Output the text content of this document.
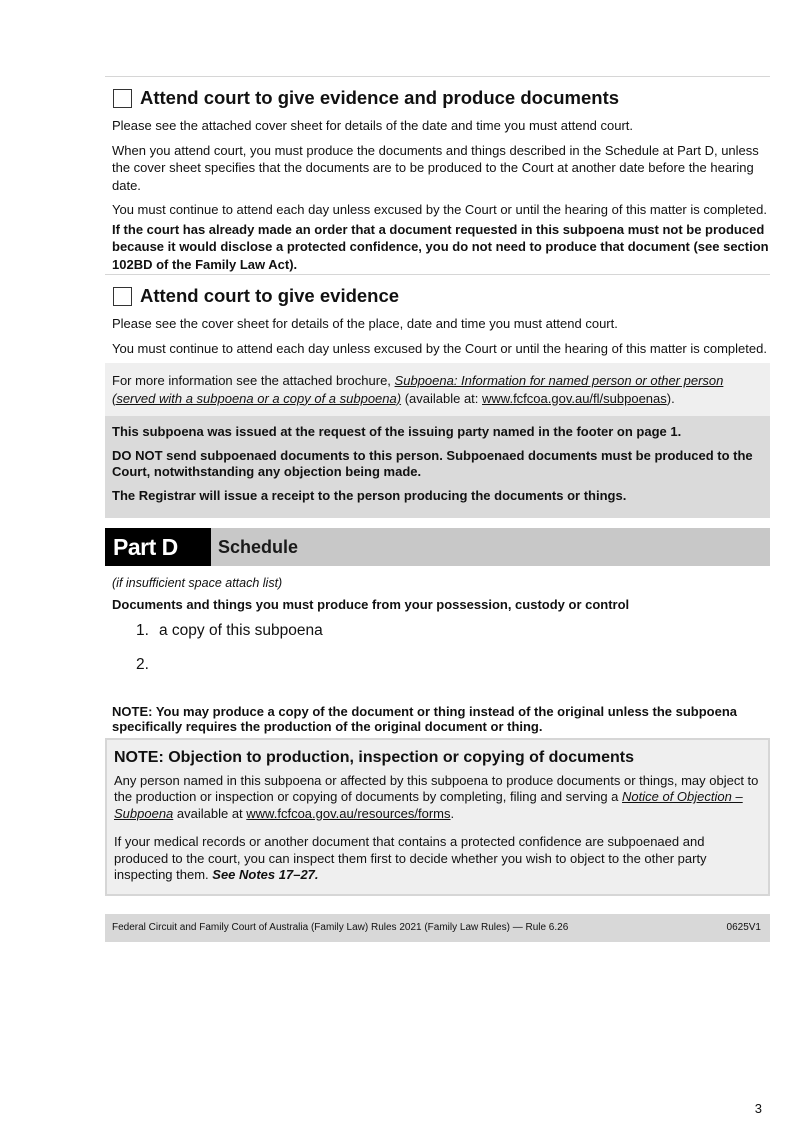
Attend court to give evidence and produce documents

Please see the attached cover sheet for details of the date and time you must attend court.

When you attend court, you must produce the documents and things described in the Schedule at Part D, unless the cover sheet specifies that the documents are to be produced to the Court at another date before the hearing date.

You must continue to attend each day unless excused by the Court or until the hearing of this matter is completed.

If the court has already made an order that a document requested in this subpoena must not be produced because it would disclose a protected confidence, you do not need to produce that document (see section 102BD of the Family Law Act).

Attend court to give evidence

Please see the cover sheet for details of the place, date and time you must attend court.

You must continue to attend each day unless excused by the Court or until the hearing of this matter is completed.

For more information see the attached brochure, Subpoena: Information for named person or other person (served with a subpoena or a copy of a subpoena) (available at: www.fcfcoa.gov.au/fl/subpoenas).

This subpoena was issued at the request of the issuing party named in the footer on page 1.

DO NOT send subpoenaed documents to this person. Subpoenaed documents must be produced to the Court, notwithstanding any objection being made.

The Registrar will issue a receipt to the person producing the documents or things.

Part D	Schedule

(if insufficient space attach list)

Documents and things you must produce from your possession, custody or control

1. a copy of this subpoena
2.

NOTE: You may produce a copy of the document or thing instead of the original unless the subpoena specifically requires the production of the original document or thing.

NOTE: Objection to production, inspection or copying of documents

Any person named in this subpoena or affected by this subpoena to produce documents or things, may object to the production or inspection or copying of documents by completing, filing and serving a Notice of Objection – Subpoena available at www.fcfcoa.gov.au/resources/forms.

If your medical records or another document that contains a protected confidence are subpoenaed and produced to the court, you can inspect them first to decide whether you wish to object to the other party inspecting them. See Notes 17–27.

Federal Circuit and Family Court of Australia (Family Law) Rules 2021 (Family Law Rules) — Rule 6.26	0625V1
3
